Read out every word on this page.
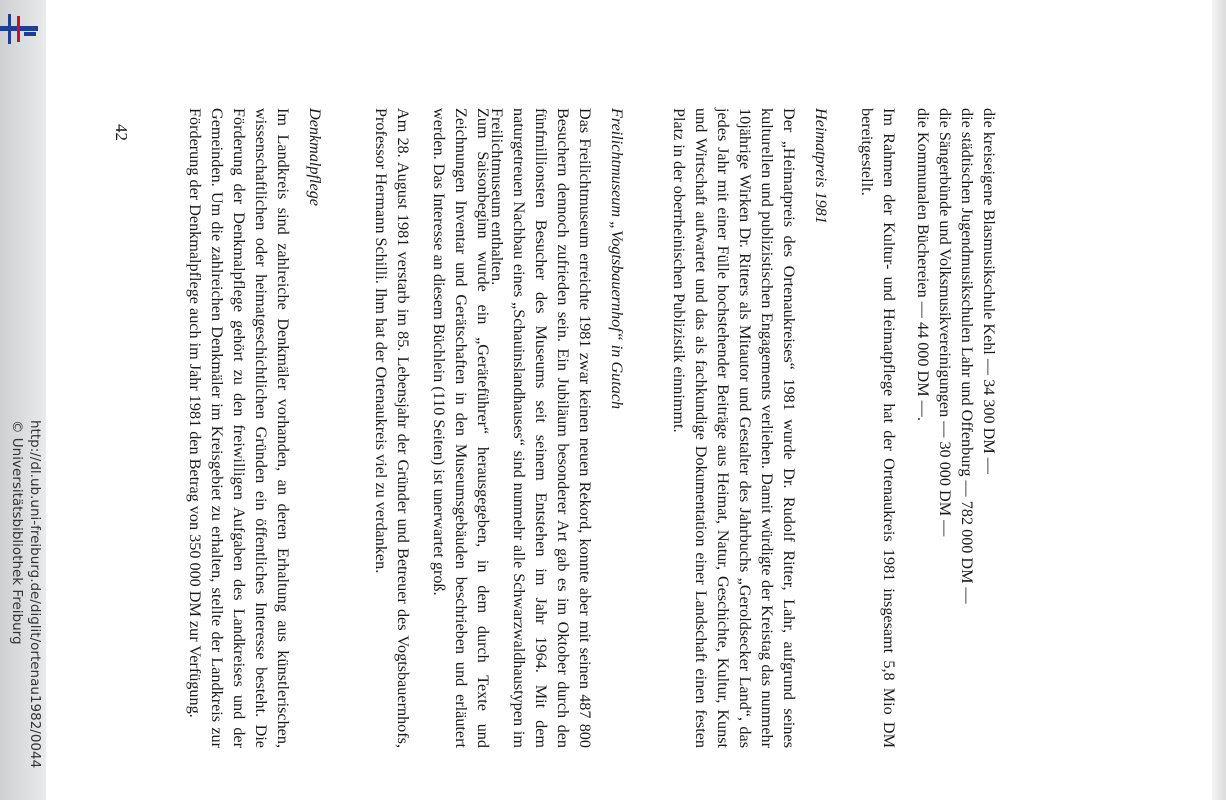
http://dl.ub.uni-freiburg.de/diglit/ortenau1982/0044
© Universitätsbibliothek Freiburg

die kreiseigene Blasmusikschule Kehl — 34 300 DM —

die städtischen Jugendmusikschulen Lahr und Offenburg — 782 000 DM —

die Sängerbünde und Volksmusikvereinigungen — 30 000 DM —

die Kommunalen Büchereien — 44 000 DM —.

Im Rahmen der Kultur- und Heimatpflege hat der Ortenaukreis 1981 insgesamt 5,8 Mio DM bereitgestellt.

Heimatpreis 1981

Der „Heimatpreis des Ortenaukreises“ 1981 wurde Dr. Rudolf Ritter, Lahr, aufgrund seines kulturellen und publizistischen Engagements verliehen. Damit würdigte der Kreistag das nunmehr 10jährige Wirken Dr. Ritters als Mitautor und Gestalter des Jahrbuchs „Geroldsecker Land“, das jedes Jahr mit einer Fülle hochstehender Beiträge aus Heimat, Natur, Geschichte, Kultur, Kunst und Wirtschaft aufwartet und das als fachkundige Dokumentation einer Landschaft einen festen Platz in der oberrheinischen Publizistik einnimmt.

Freilichtmuseum „Vogtsbauernhof“ in Gutach

Das Freilichtmuseum erreichte 1981 zwar keinen neuen Rekord, konnte aber mit seinen 487 800 Besuchern dennoch zufrieden sein. Ein Jubiläum besonderer Art gab es im Oktober durch den fünfmillionsten Besucher des Museums seit seinem Entstehen im Jahr 1964. Mit dem naturgetreuen Nachbau eines „Schauinslandhauses“ sind nunmehr alle Schwarzwaldhaustypen im Freilichtmuseum enthalten.

Zum Saisonbeginn wurde ein „Geräteführer“ herausgegeben, in dem durch Texte und Zeichnungen Inventar und Gerätschaften in den Museumsgebäuden beschrieben und erläutert werden. Das Interesse an diesem Büchlein (110 Seiten) ist unerwartet groß.

Am 28. August 1981 verstarb im 85. Lebensjahr der Gründer und Betreuer des Vogtsbauernhofs, Professor Hermann Schilli. Ihm hat der Ortenaukreis viel zu verdanken.

Denkmalpflege

Im Landkreis sind zahlreiche Denkmäler vorhanden, an deren Erhaltung aus künstlerischen, wissenschaftlichen oder heimatgeschichtlichen Gründen ein öffentliches Interesse besteht. Die Förderung der Denkmalpflege gehört zu den freiwilligen Aufgaben des Landkreises und der Gemeinden. Um die zahlreichen Denkmäler im Kreisgebiet zu erhalten, stellte der Landkreis zur Förderung der Denkmalpflege auch im Jahr 1981 den Betrag von 350 000 DM zur Verfügung.

42
